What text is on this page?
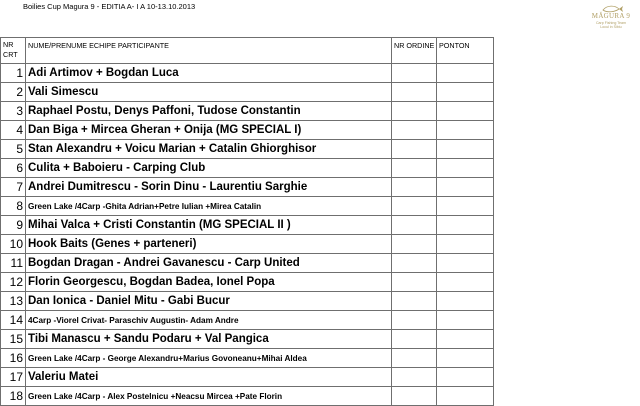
Boilies Cup Magura 9 - EDITIA A- I A 10-13.10.2013
MĂGURA 9
Carp Fishing Team
Locul in Sibiu
NR
CRT	NUME/PRENUME ECHIPE PARTICIPANTE	NR ORDINE	PONTON
1	Adi Artimov + Bogdan Luca		
2	Vali Simescu		
3	Raphael Postu, Denys Paffoni, Tudose Constantin		
4	Dan Biga + Mircea Gheran + Onija (MG SPECIAL I)		
5	Stan Alexandru + Voicu Marian + Catalin Ghiorghisor		
6	Culita + Baboieru - Carping Club		
7	Andrei Dumitrescu - Sorin Dinu - Laurentiu Sarghie		
8	Green Lake /4Carp -Ghita Adrian+Petre Iulian +Mirea Catalin		
9	Mihai Valca + Cristi Constantin (MG SPECIAL II )		
10	Hook Baits (Genes + parteneri)		
11	Bogdan Dragan - Andrei Gavanescu - Carp United		
12	Florin Georgescu, Bogdan Badea, Ionel Popa		
13	Dan Ionica - Daniel Mitu - Gabi Bucur		
14	4Carp -Viorel Crivat- Paraschiv Augustin- Adam Andre		
15	Tibi Manascu + Sandu Podaru + Val Pangica		
16	Green Lake /4Carp - George Alexandru+Marius Govoneanu+Mihai Aldea		
17	Valeriu Matei		
18	Green Lake /4Carp - Alex Postelnicu +Neacsu Mircea +Pate Florin		
